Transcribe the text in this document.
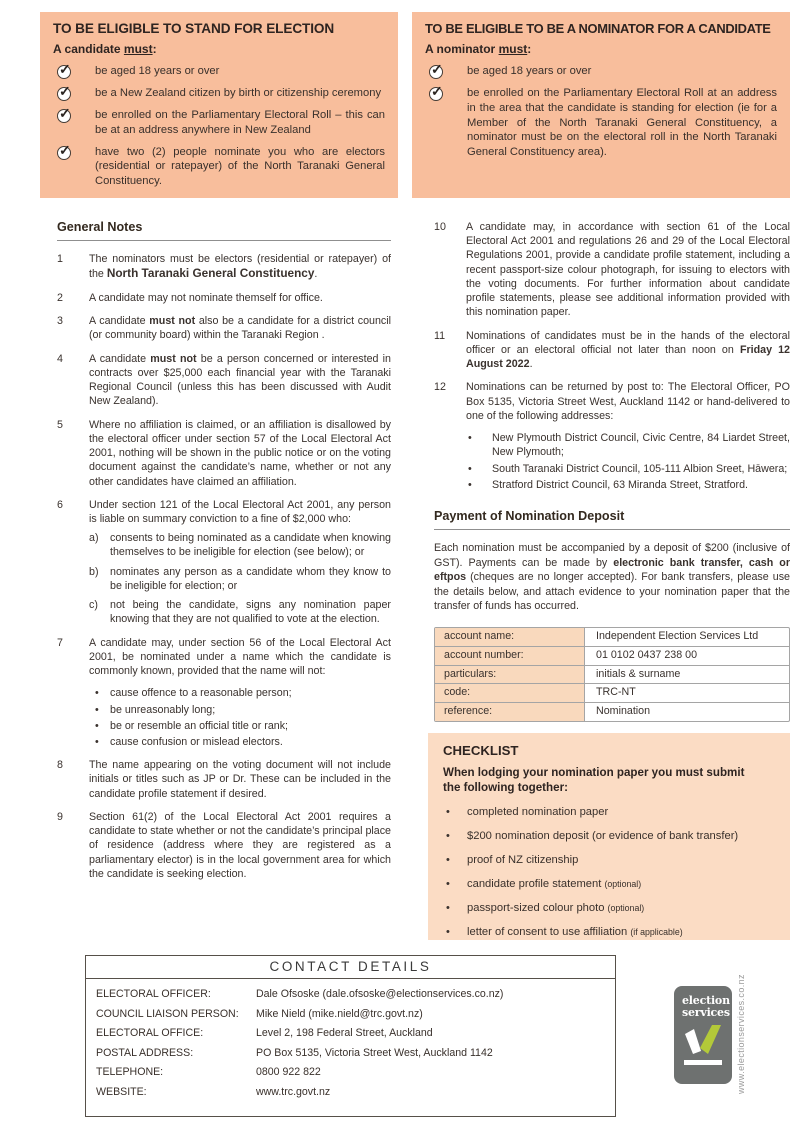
TO BE ELIGIBLE TO STAND FOR ELECTION

A candidate must:

✓
be aged 18 years or over
✓
be a New Zealand citizen by birth or citizenship ceremony
✓
be enrolled on the Parliamentary Electoral Roll – this can be at an address anywhere in New Zealand
✓
have two (2) people nominate you who are electors (residential or ratepayer) of the North Taranaki General Constituency.
TO BE ELIGIBLE TO BE A NOMINATOR FOR A CANDIDATE

A nominator must:

✓
be aged 18 years or over
✓
be enrolled on the Parliamentary Electoral Roll at an address in the area that the candidate is standing for election (ie for a Member of the North Taranaki General Constituency, a nominator must be on the electoral roll in the North Taranaki General Constituency area).
General Notes
1	The nominators must be electors (residential or ratepayer) of the North Taranaki General Constituency.

2	A candidate may not nominate themself for office.

3	A candidate must not also be a candidate for a district council (or community board) within the Taranaki Region .

4	A candidate must not be a person concerned or interested in contracts over $25,000 each financial year with the Taranaki Regional Council (unless this has been discussed with Audit New Zealand).

5	Where no affiliation is claimed, or an affiliation is disallowed by the electoral officer under section 57 of the Local Electoral Act 2001, nothing will be shown in the public notice or on the voting document against the candidate’s name, whether or not any other candidates have claimed an affiliation.

6	Under section 121 of the Local Electoral Act 2001, any person is liable on summary conviction to a fine of $2,000 who:

a)	consents to being nominated as a candidate when knowing themselves to be ineligible for election (see below); or

b)	nominates any person as a candidate whom they know to be ineligible for election; or

c)	not being the candidate, signs any nomination paper knowing that they are not qualified to vote at the election.

7	A candidate may, under section 56 of the Local Electoral Act 2001, be nominated under a name which the candidate is commonly known, provided that the name will not:

•

cause offence to a reasonable person;

•

be unreasonably long;

•

be or resemble an official title or rank;

•

cause confusion or mislead electors.

8	The name appearing on the voting document will not include initials or titles such as JP or Dr. These can be included in the candidate profile statement if desired.

9	Section 61(2) of the Local Electoral Act 2001 requires a candidate to state whether or not the candidate’s principal place of residence (address where they are registered as a parliamentary elector) is in the local government area for which the candidate is seeking election.

10	A candidate may, in accordance with section 61 of the Local Electoral Act 2001 and regulations 26 and 29 of the Local Electoral Regulations 2001, provide a candidate profile statement, including a recent passport-size colour photograph, for issuing to electors with the voting documents. For further information about candidate profile statements, please see additional information provided with this nomination paper.

11	Nominations of candidates must be in the hands of the electoral officer or an electoral official not later than noon on Friday 12 August 2022.

12	Nominations can be returned by post to: The Electoral Officer, PO Box 5135, Victoria Street West, Auckland 1142 or hand-delivered to one of the following addresses:

•

New Plymouth District Council, Civic Centre, 84 Liardet Street, New Plymouth;

•

South Taranaki District Council, 105-111 Albion Sreet, Hāwera;

•

Stratford District Council, 63 Miranda Street, Stratford.

Payment of Nomination Deposit

Each nomination must be accompanied by a deposit of $200 (inclusive of GST). Payments can be made by electronic bank transfer, cash or eftpos (cheques are no longer accepted). For bank transfers, please use the details below, and attach evidence to your nomination paper that the transfer of funds has occurred.

account name:	Independent Election Services Ltd
account number:	01 0102 0437 238 00
particulars:	initials & surname
code:	TRC-NT
reference:	Nomination
CHECKLIST

When lodging your nomination paper you must submit the following together:

•

completed nomination paper

•

$200 nomination deposit (or evidence of bank transfer)

•

proof of NZ citizenship

•

candidate profile statement (optional)

•

passport-sized colour photo (optional)

•

letter of consent to use affiliation (if applicable)

CONTACT DETAILS
ELECTORAL OFFICER:	Dale Ofsoske (dale.ofsoske@electionservices.co.nz)
COUNCIL LIAISON PERSON:	Mike Nield (mike.nield@trc.govt.nz)
ELECTORAL OFFICE:	Level 2, 198 Federal Street, Auckland
POSTAL ADDRESS:	PO Box 5135, Victoria Street West, Auckland 1142
TELEPHONE:	0800 922 822
WEBSITE:	www.trc.govt.nz
election
services www.electionservices.co.nz
